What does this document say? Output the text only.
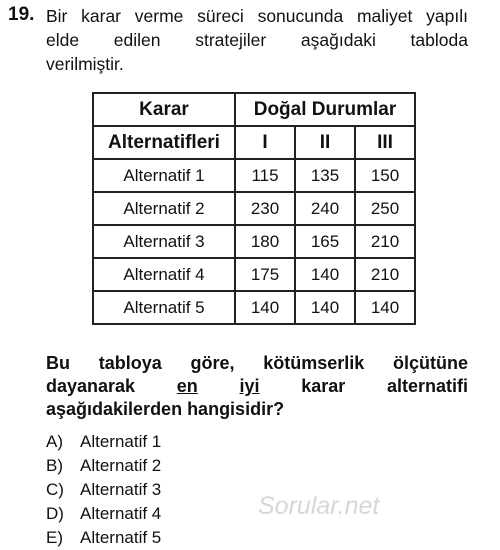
19. Bir karar verme süreci sonucunda maliyet yapılı
elde edilen stratejiler aşağıdaki tabloda
verilmiştir.
Karar	Doğal Durumlar		
Alternatifleri	I	II	III
Alternatif 1	115	135	150
Alternatif 2	230	240	250
Alternatif 3	180	165	210
Alternatif 4	175	140	210
Alternatif 5	140	140	140
Bu tabloya göre, kötümserlik ölçütüne
dayanarak en iyi karar alternatifi
aşağıdakilerden hangisidir?
A)	Alternatif 1
B)	Alternatif 2
C) Alternatif 3
D) Alternatif 4
E)	Alternatif 5
Sorular.net
